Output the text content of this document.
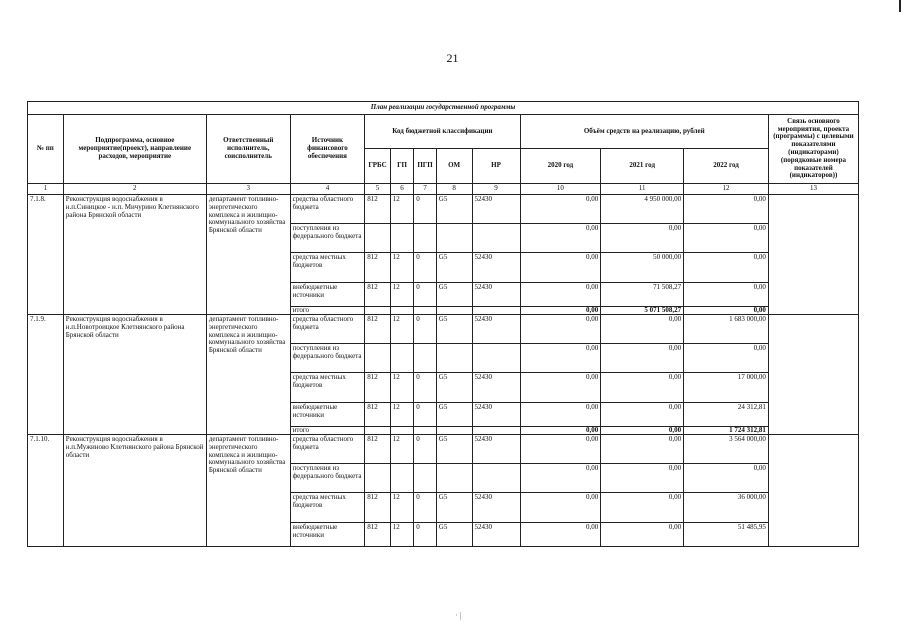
21
План реализации государственной программы												
№ пп	Подпрограмма, основное мероприятие(проект), направление расходов, мероприятие	Ответственный исполнитель, соисполнитель	Источник финансового обеспечения	Код бюджетной классификации					Объём средств на реализацию, рублей			Связь основного мероприятия, проекта (программы) с целевыми показателями (индикаторами) (порядковые номера показателей (индикаторов))
				ГРБС	ГП	ПГП	ОМ	НР	2020 год	2021 год	2022 год	
1	2	3	4	5	6	7	8	9	10	11	12	13
7.1.8.	Реконструкция водоснабжения в н.п.Синицкое - н.п. Мичурино Клетнянского района Брянской области	департамент топливно-энергетического комплекса и жилищно-коммунального хозяйства Брянской области	средства областного бюджета	812	12	0	G5	52430	0,00	4 950 000,00	0,00	
			поступления из федерального бюджета						0,00	0,00	0,00	
			средства местных бюджетов	812	12	0	G5	52430	0,00	50 000,00	0,00	
			внебюджетные источники	812	12	0	G5	52430	0,00	71 508,27	0,00	
			итого						0,00	5 071 508,27	0,00	
7.1.9.	Реконструкция водоснабжения в н.п.Новотроицкое Клетнянского района Брянской области	департамент топливно-энергетического комплекса и жилищно-коммунального хозяйства Брянской области	средства областного бюджета	812	12	0	G5	52430	0,00	0,00	1 683 000,00	
			поступления из федерального бюджета						0,00	0,00	0,00	
			средства местных бюджетов	812	12	0	G5	52430	0,00	0,00	17 000,00	
			внебюджетные источники	812	12	0	G5	52430	0,00	0,00	24 312,81	
			итого						0,00	0,00	1 724 312,81	
7.1.10.	Реконструкция водоснабжения в н.п.Мужиново Клетнянского района Брянской области	департамент топливно-энергетического комплекса и жилищно-коммунального хозяйства Брянской области	средства областного бюджета	812	12	0	G5	52430	0,00	0,00	3 564 000,00	
			поступления из федерального бюджета						0,00	0,00	0,00	
			средства местных бюджетов	812	12	0	G5	52430	0,00	0,00	36 000,00	
			внебюджетные источники	812	12	0	G5	52430	0,00	0,00	51 485,95	
· |
